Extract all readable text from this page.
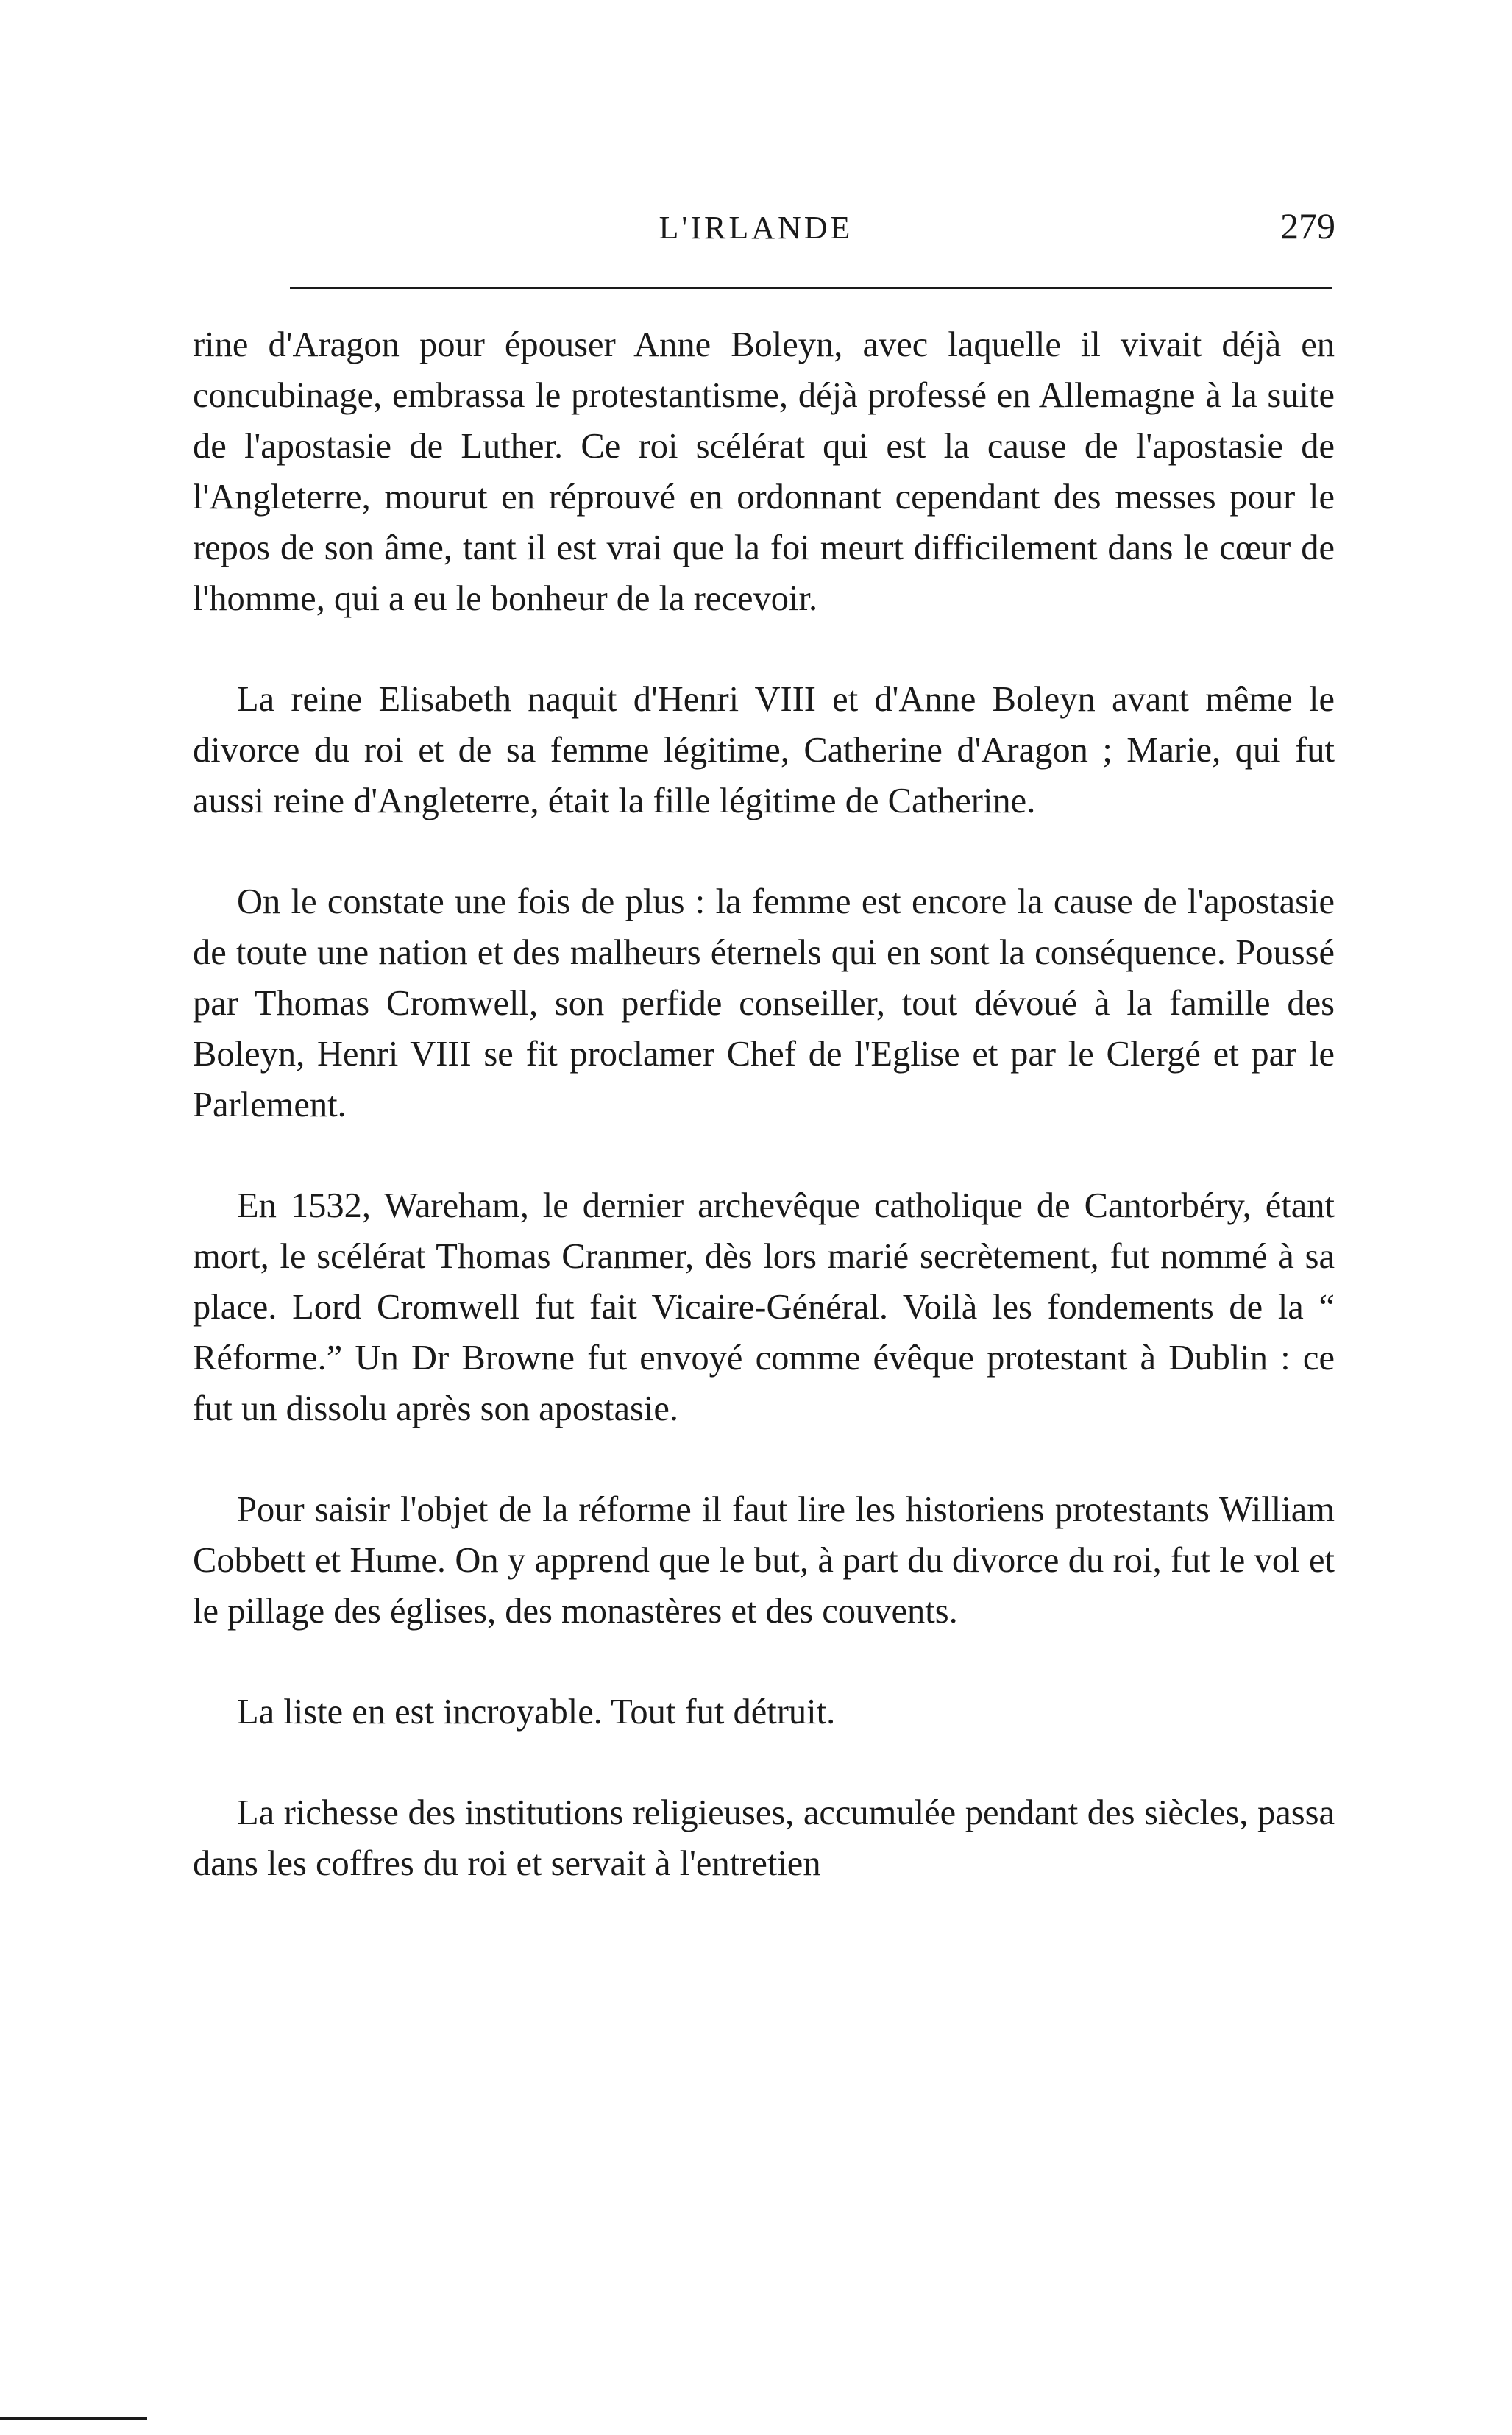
L'IRLANDE	279

rine d'Aragon pour épouser Anne Boleyn, avec laquelle il vivait déjà en concubinage, embrassa le protestantisme, déjà professé en Allemagne à la suite de l'apostasie de Luther. Ce roi scélérat qui est la cause de l'apostasie de l'Angleterre, mourut en réprouvé en ordonnant cependant des messes pour le repos de son âme, tant il est vrai que la foi meurt difficilement dans le cœur de l'homme, qui a eu le bonheur de la recevoir.

La reine Elisabeth naquit d'Henri VIII et d'Anne Boleyn avant même le divorce du roi et de sa femme légitime, Catherine d'Aragon ; Marie, qui fut aussi reine d'Angleterre, était la fille légitime de Catherine.

On le constate une fois de plus : la femme est encore la cause de l'apostasie de toute une nation et des malheurs éternels qui en sont la conséquence. Poussé par Thomas Cromwell, son perfide conseiller, tout dévoué à la famille des Boleyn, Henri VIII se fit proclamer Chef de l'Eglise et par le Clergé et par le Parlement.

En 1532, Wareham, le dernier archevêque catholique de Cantorbéry, étant mort, le scélérat Thomas Cranmer, dès lors marié secrètement, fut nommé à sa place. Lord Cromwell fut fait Vicaire-Général. Voilà les fondements de la “ Réforme.” Un Dr Browne fut envoyé comme évêque protestant à Dublin : ce fut un dissolu après son apostasie.

Pour saisir l'objet de la réforme il faut lire les historiens protestants William Cobbett et Hume. On y apprend que le but, à part du divorce du roi, fut le vol et le pillage des églises, des monastères et des couvents.

La liste en est incroyable. Tout fut détruit.

La richesse des institutions religieuses, accumulée pendant des siècles, passa dans les coffres du roi et servait à l'entretien
